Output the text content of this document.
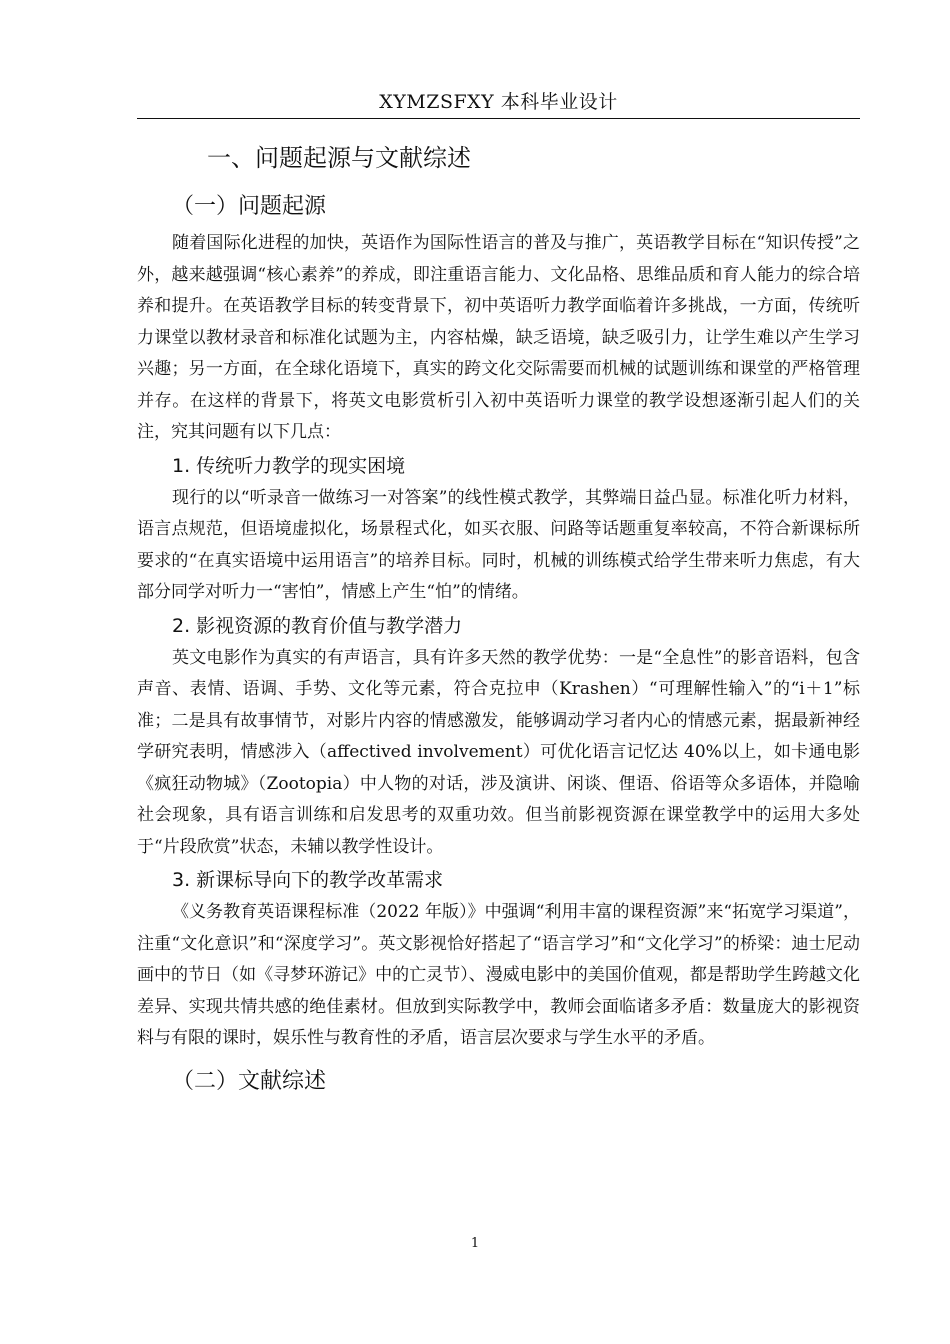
XYMZSFXY 本科毕业设计
一、问题起源与文献综述
（一）问题起源

随着国际化进程的加快，英语作为国际性语言的普及与推广，英语教学目标在“知识传授”之外，越来越强调“核心素养”的养成，即注重语言能力、文化品格、思维品质和育人能力的综合培养和提升。在英语教学目标的转变背景下，初中英语听力教学面临着许多挑战，一方面，传统听力课堂以教材录音和标准化试题为主，内容枯燥，缺乏语境，缺乏吸引力，让学生难以产生学习兴趣；另一方面，在全球化语境下，真实的跨文化交际需要而机械的试题训练和课堂的严格管理并存。在这样的背景下，将英文电影赏析引入初中英语听力课堂的教学设想逐渐引起人们的关注，究其问题有以下几点：

1. 传统听力教学的现实困境

现行的以“听录音一做练习一对答案”的线性模式教学，其弊端日益凸显。标准化听力材料，语言点规范，但语境虚拟化，场景程式化，如买衣服、问路等话题重复率较高，不符合新课标所要求的“在真实语境中运用语言”的培养目标。同时，机械的训练模式给学生带来听力焦虑，有大部分同学对听力一“害怕”，情感上产生“怕”的情绪。

2. 影视资源的教育价值与教学潜力

英文电影作为真实的有声语言，具有许多天然的教学优势：一是“全息性”的影音语料，包含声音、表情、语调、手势、文化等元素，符合克拉申（Krashen）“可理解性输入”的“i＋1”标准；二是具有故事情节，对影片内容的情感激发，能够调动学习者内心的情感元素，据最新神经学研究表明，情感涉入（affectived involvement）可优化语言记忆达 40%以上，如卡通电影《疯狂动物城》（Zootopia）中人物的对话，涉及演讲、闲谈、俚语、俗语等众多语体，并隐喻社会现象，具有语言训练和启发思考的双重功效。但当前影视资源在课堂教学中的运用大多处于“片段欣赏”状态，未辅以教学性设计。

3. 新课标导向下的教学改革需求

《义务教育英语课程标准（2022 年版）》中强调“利用丰富的课程资源”来“拓宽学习渠道”，注重“文化意识”和“深度学习”。英文影视恰好搭起了“语言学习”和“文化学习”的桥梁：迪士尼动画中的节日（如《寻梦环游记》中的亡灵节）、漫威电影中的美国价值观，都是帮助学生跨越文化差异、实现共情共感的绝佳素材。但放到实际教学中，教师会面临诸多矛盾：数量庞大的影视资料与有限的课时，娱乐性与教育性的矛盾，语言层次要求与学生水平的矛盾。

（二）文献综述
1
